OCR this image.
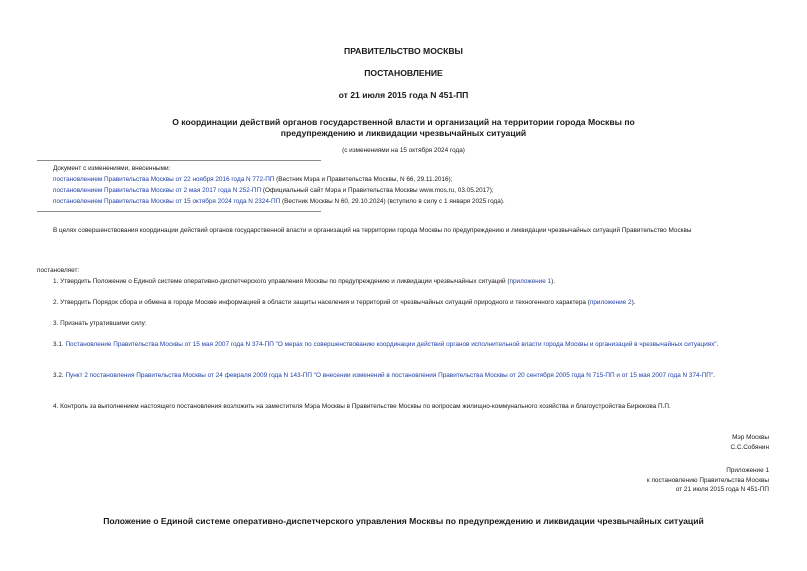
ПРАВИТЕЛЬСТВО МОСКВЫ
ПОСТАНОВЛЕНИЕ
от 21 июля 2015 года N 451-ПП
О координации действий органов государственной власти и организаций на территории города Москвы по
предупреждению и ликвидации чрезвычайных ситуаций
(с изменениями на 15 октября 2024 года)
Документ с изменениями, внесенными:
постановлением Правительства Москвы от 22 ноября 2016 года N 772-ПП (Вестник Мэра и Правительства Москвы, N 66, 29.11.2016);
постановлением Правительства Москвы от 2 мая 2017 года N 252-ПП (Официальный сайт Мэра и Правительства Москвы www.mos.ru, 03.05.2017);
постановлением Правительства Москвы от 15 октября 2024 года N 2324-ПП (Вестник Москвы N 60, 29.10.2024) (вступило в силу с 1 января 2025 года).
В целях совершенствования координации действий органов государственной власти и организаций на территории города Москвы по предупреждению и ликвидации чрезвычайных ситуаций Правительство Москвы
постановляет:
1. Утвердить Положение о Единой системе оперативно-диспетчерского управления Москвы по предупреждению и ликвидации чрезвычайных ситуаций (приложение 1).
2. Утвердить Порядок сбора и обмена в городе Москве информацией в области защиты населения и территорий от чрезвычайных ситуаций природного и техногенного характера (приложение 2).
3. Признать утратившими силу:
3.1. Постановление Правительства Москвы от 15 мая 2007 года N 374-ПП "О мерах по совершенствованию координации действий органов исполнительной власти города Москвы и организаций в чрезвычайных ситуациях".
3.2. Пункт 2 постановления Правительства Москвы от 24 февраля 2009 года N 143-ПП "О внесении изменений в постановления Правительства Москвы от 20 сентября 2005 года N 715-ПП и от 15 мая 2007 года N 374-ПП".
4. Контроль за выполнением настоящего постановления возложить на заместителя Мэра Москвы в Правительстве Москвы по вопросам жилищно-коммунального хозяйства и благоустройства Бирюкова П.П.
Мэр Москвы
С.С.Собянин
Приложение 1
к постановлению Правительства Москвы
от 21 июля 2015 года N 451-ПП
Положение о Единой системе оперативно-диспетчерского управления Москвы по предупреждению и ликвидации чрезвычайных ситуаций
